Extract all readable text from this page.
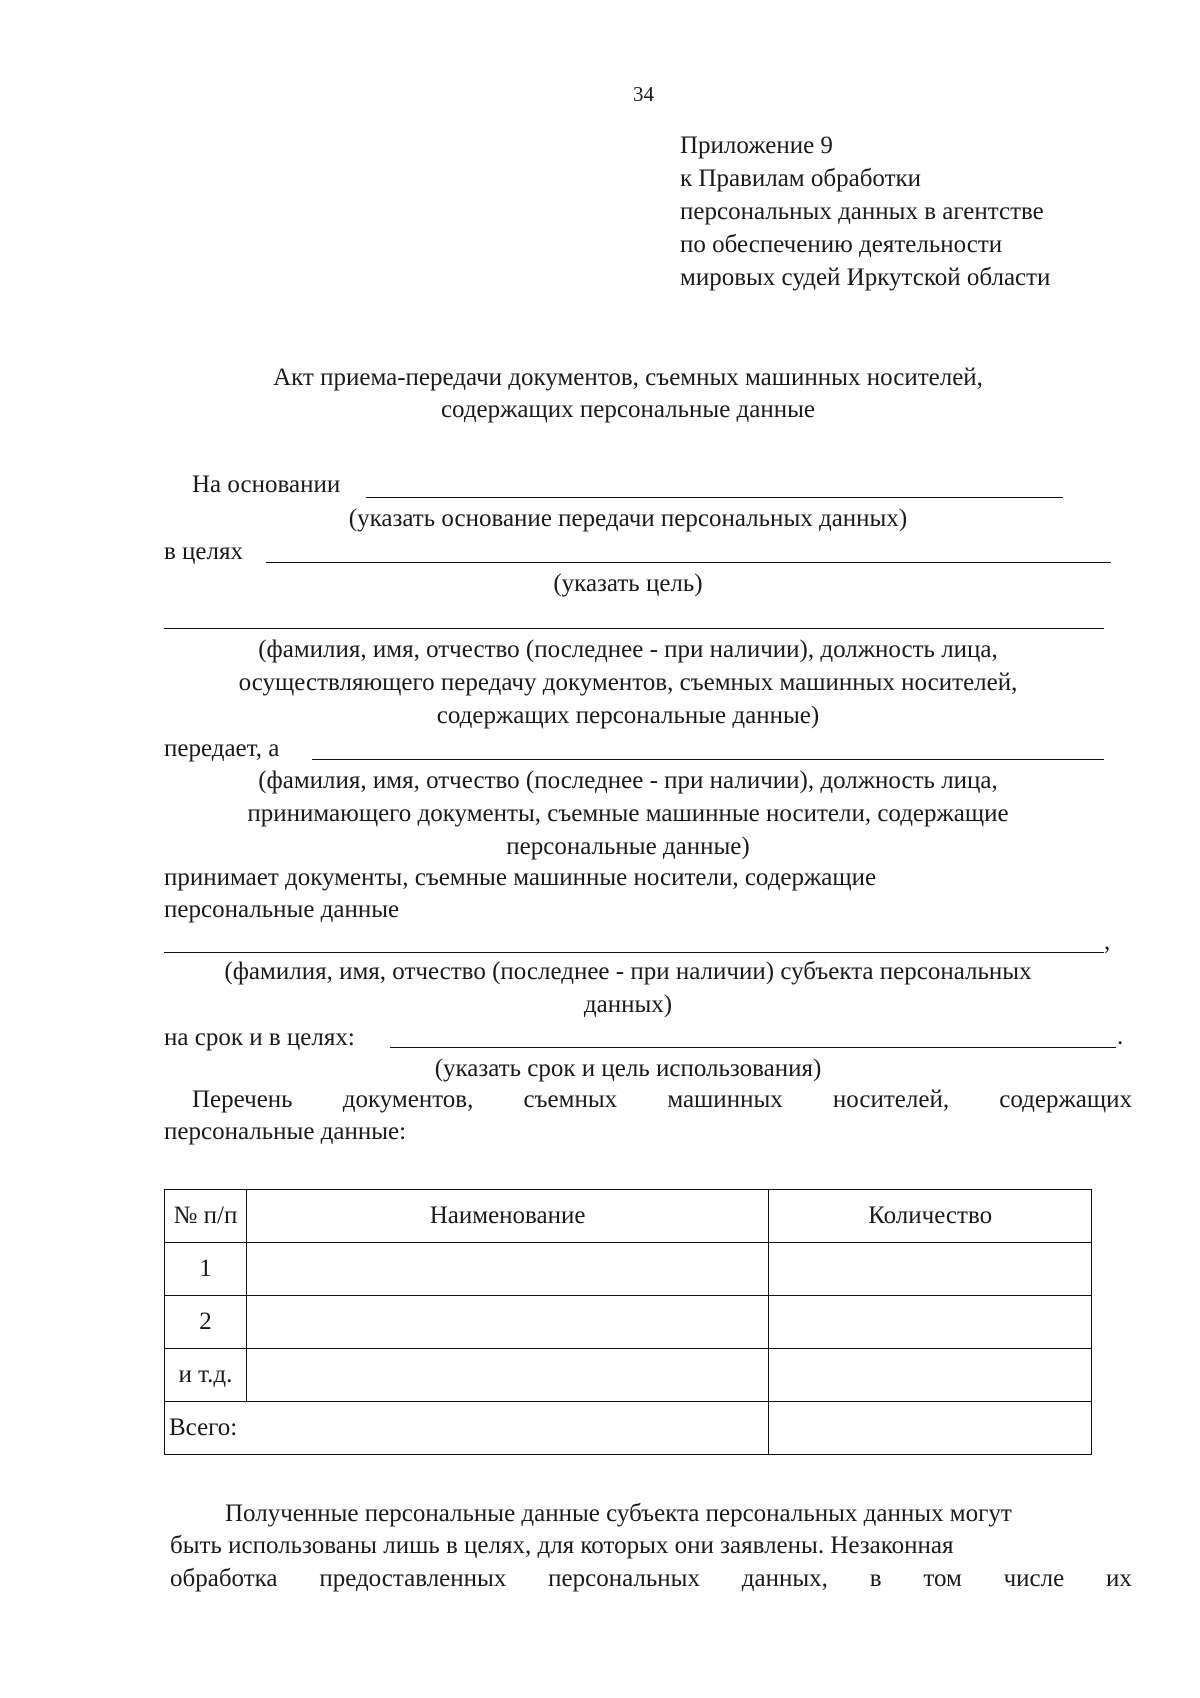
34
Приложение 9
к Правилам обработки
персональных данных в агентстве
по обеспечению деятельности
мировых судей Иркутской области
Акт приема-передачи документов, съемных машинных носителей,
содержащих персональные данные
На основании
(указать основание передачи персональных данных)
в целях
(указать цель)
(фамилия, имя, отчество (последнее - при наличии), должность лица,
осуществляющего передачу документов, съемных машинных носителей,
содержащих персональные данные)
передает, а
(фамилия, имя, отчество (последнее - при наличии), должность лица,
принимающего документы, съемные машинные носители, содержащие
персональные данные)
принимает документы, съемные машинные носители, содержащие
персональные данные
,
(фамилия, имя, отчество (последнее - при наличии) субъекта персональных
данных)
на срок и в целях:	.
(указать срок и цель использования)
Перечень документов, съемных машинных носителей, содержащих
персональные данные:
№ п/п	Наименование	Количество
1		
2		
и т.д.		
Всего:		
Полученные персональные данные субъекта персональных данных могут
быть использованы лишь в целях, для которых они заявлены. Незаконная
обработка предоставленных персональных данных, в том числе их
